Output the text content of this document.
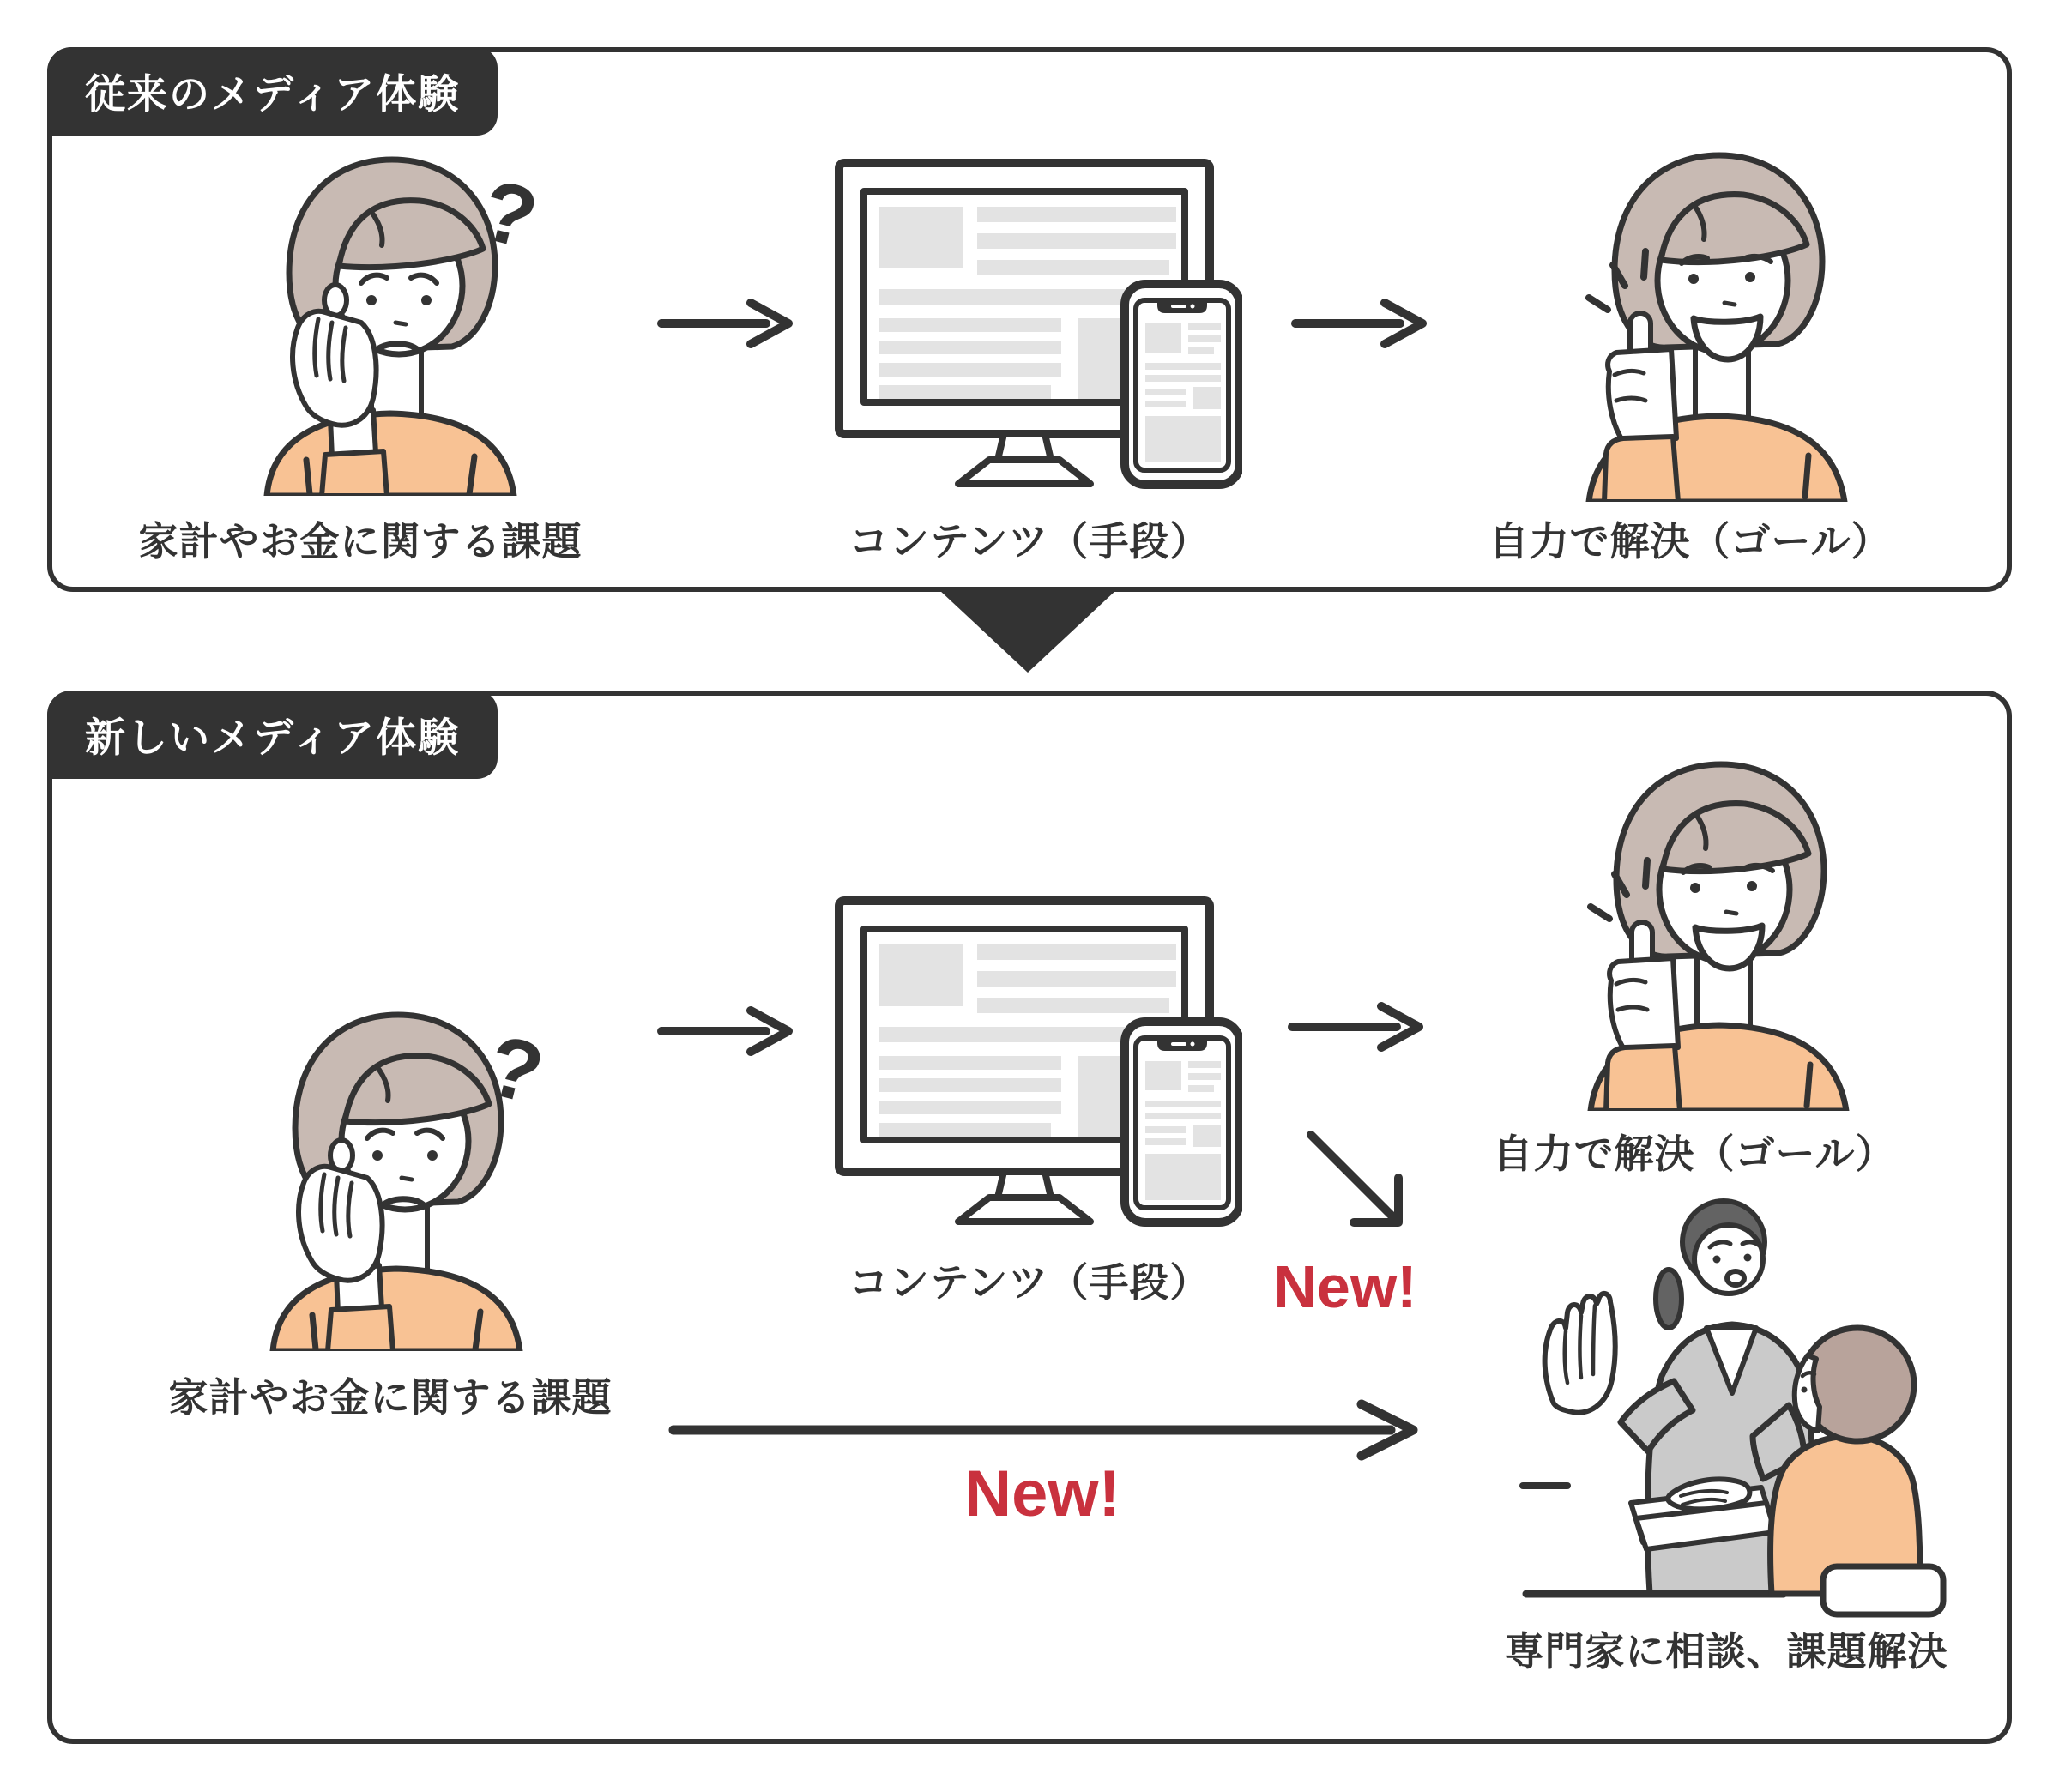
従来のメディア体験
家計やお金に関する課題	コンテンツ（手段）	自力で解決（ゴール）
新しいメディア体験
家計やお金に関する課題
コンテンツ（手段）
自力で解決（ゴール）
New!
New!
専門家に相談、課題解決
